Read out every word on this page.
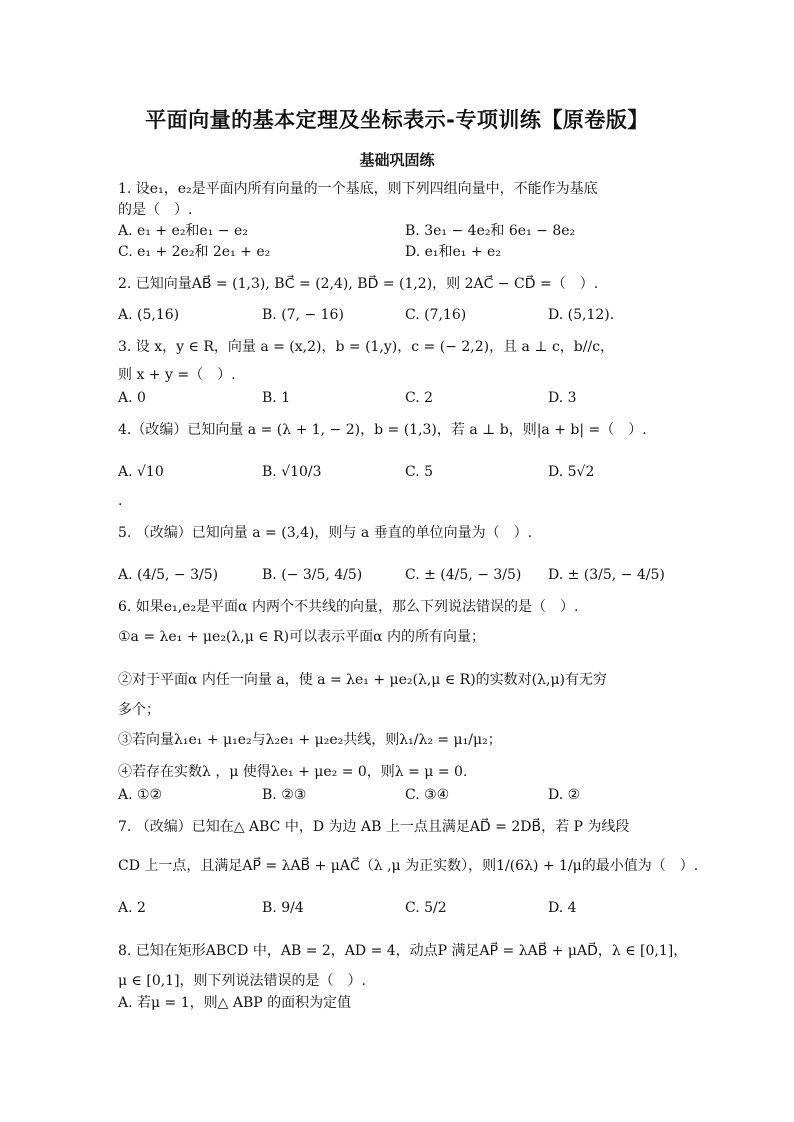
平面向量的基本定理及坐标表示-专项训练【原卷版】
基础巩固练
1. 设e₁，e₂是平面内所有向量的一个基底，则下列四组向量中，不能作为基底
的是（　）.
A. e₁ + e₂和e₁ − e₂	B. 3e₁ − 4e₂和 6e₁ − 8e₂
C. e₁ + 2e₂和 2e₁ + e₂	D. e₁和e₁ + e₂
2. 已知向量AB⃗ = (1,3), BC⃗ = (2,4), BD⃗ = (1,2)，则 2AC⃗ − CD⃗ =（　）.
A. (5,16)	B. (7, − 16)	C. (7,16)	D. (5,12).
3. 设 x，y ∈ R，向量 a = (x,2)，b = (1,y)，c = (− 2,2)，且 a ⊥ c，b//c，
则 x + y =（　）.
A. 0	B. 1	C. 2	D. 3
4.（改编）已知向量 a = (λ + 1, − 2)，b = (1,3)，若 a ⊥ b，则|a + b| =（　）.
A. √10	B. √10/3	C. 5	D. 5√2
.
5. （改编）已知向量 a = (3,4)，则与 a 垂直的单位向量为（　）.
A. (4/5, − 3/5)	B. (− 3/5, 4/5)	C. ± (4/5, − 3/5) D. ± (3/5, − 4/5)
6. 如果e₁,e₂是平面α 内两个不共线的向量，那么下列说法错误的是（　）.
①a = λe₁ + μe₂(λ,μ ∈ R)可以表示平面α 内的所有向量；
②对于平面α 内任一向量 a，使 a = λe₁ + μe₂(λ,μ ∈ R)的实数对(λ,μ)有无穷
多个；
③若向量λ₁e₁ + μ₁e₂与λ₂e₁ + μ₂e₂共线，则λ₁/λ₂ = μ₁/μ₂；
④若存在实数λ ，μ 使得λe₁ + μe₂ = 0，则λ = μ = 0.
A. ①②	B. ②③	C. ③④	D. ②
7. （改编）已知在△ ABC 中，D 为边 AB 上一点且满足AD⃗ = 2DB⃗，若 P 为线段
CD 上一点，且满足AP⃗ = λAB⃗ + μAC⃗（λ ,μ 为正实数），则1/(6λ) + 1/μ的最小值为（　）.
A. 2	B. 9/4	C. 5/2	D. 4
8. 已知在矩形ABCD 中，AB = 2，AD = 4，动点P 满足AP⃗ = λAB⃗ + μAD⃗，λ ∈ [0,1]，
μ ∈ [0,1]，则下列说法错误的是（　）.
A. 若μ = 1，则△ ABP 的面积为定值
